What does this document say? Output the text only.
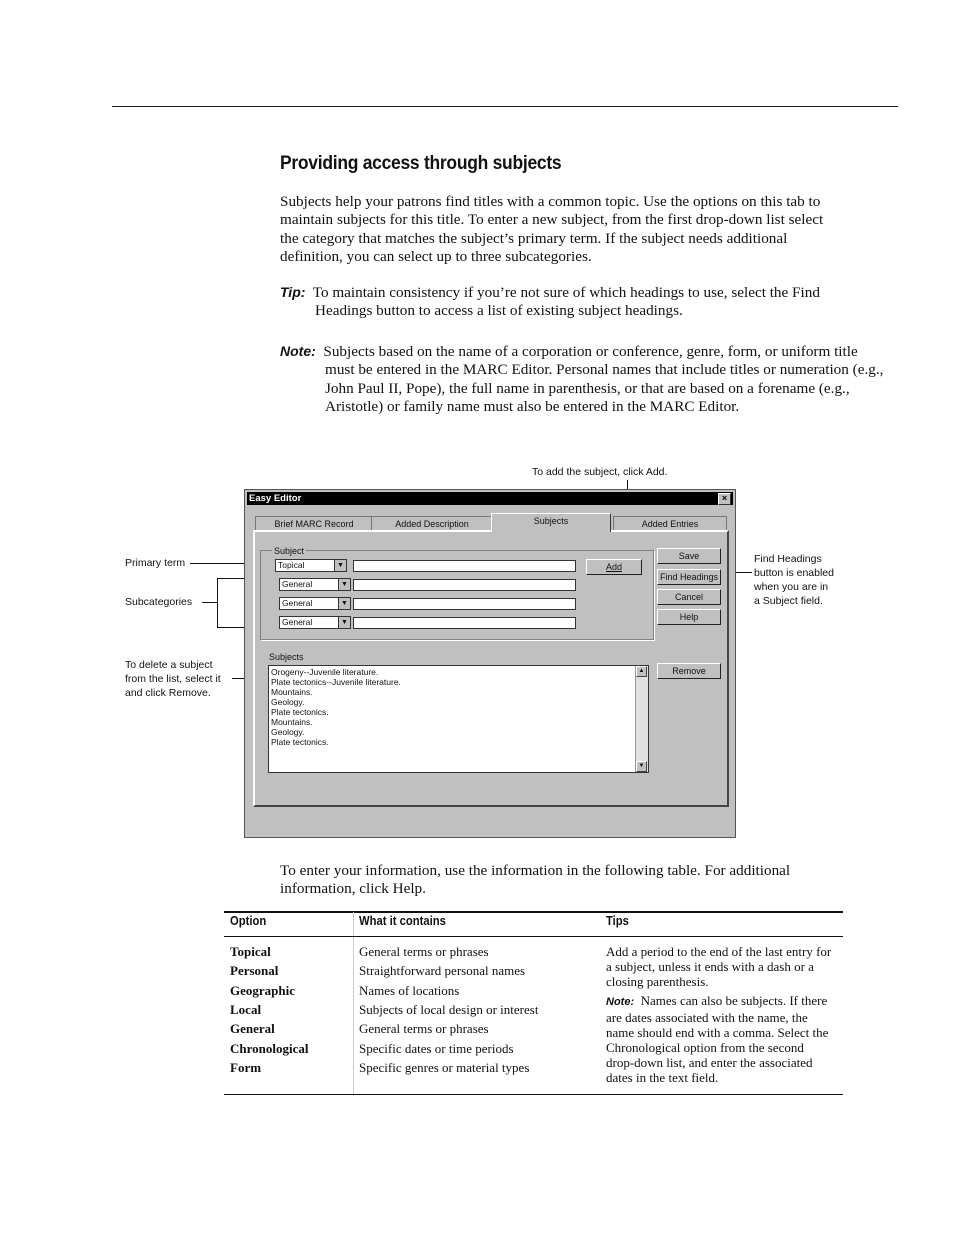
Providing access through subjects
Subjects help your patrons find titles with a common topic. Use the options on this tab to maintain subjects for this title. To enter a new subject, from the first drop-down list select the category that matches the subject’s primary term. If the subject needs additional definition, you can select up to three subcategories.
Tip: To maintain consistency if you’re not sure of which headings to use, select the Find Headings button to access a list of existing subject headings.
Note: Subjects based on the name of a corporation or conference, genre, form, or uniform title must be entered in the MARC Editor. Personal names that include titles or numeration (e.g., John Paul II, Pope), the full name in parenthesis, or that are based on a forename (e.g., Aristotle) or family name must also be entered in the MARC Editor.
To add the subject, click Add.
Primary term
Subcategories
To delete a subject from the list, select it and click Remove.
Find Headings button is enabled when you are in a Subject field.
Easy Editor	×
Brief MARC Record	Added Description	Subjects	Added Entries
Subject
Topical	▼
General	▼
General	▼
General	▼
Add
Save
Find Headings
Cancel
Help
Remove
Subjects
Orogeny--Juvenile literature.
Plate tectonics--Juvenile literature.
Mountains.
Geology.
Plate tectonics.
Mountains.
Geology.
Plate tectonics.
▲
▼
To enter your information, use the information in the following table. For additional information, click Help.
Option	What it contains	Tips
Topical	General terms or phrases
Personal	Straightforward personal names
Geographic	Names of locations
Local	Subjects of local design or interest
General	General terms or phrases
Chronological	Specific dates or time periods
Form	Specific genres or material types
Add a period to the end of the last entry for a subject, unless it ends with a dash or a closing parenthesis.
Note: Names can also be subjects. If there are dates associated with the name, the name should end with a comma. Select the Chronological option from the second drop-down list, and enter the associated dates in the text field.
